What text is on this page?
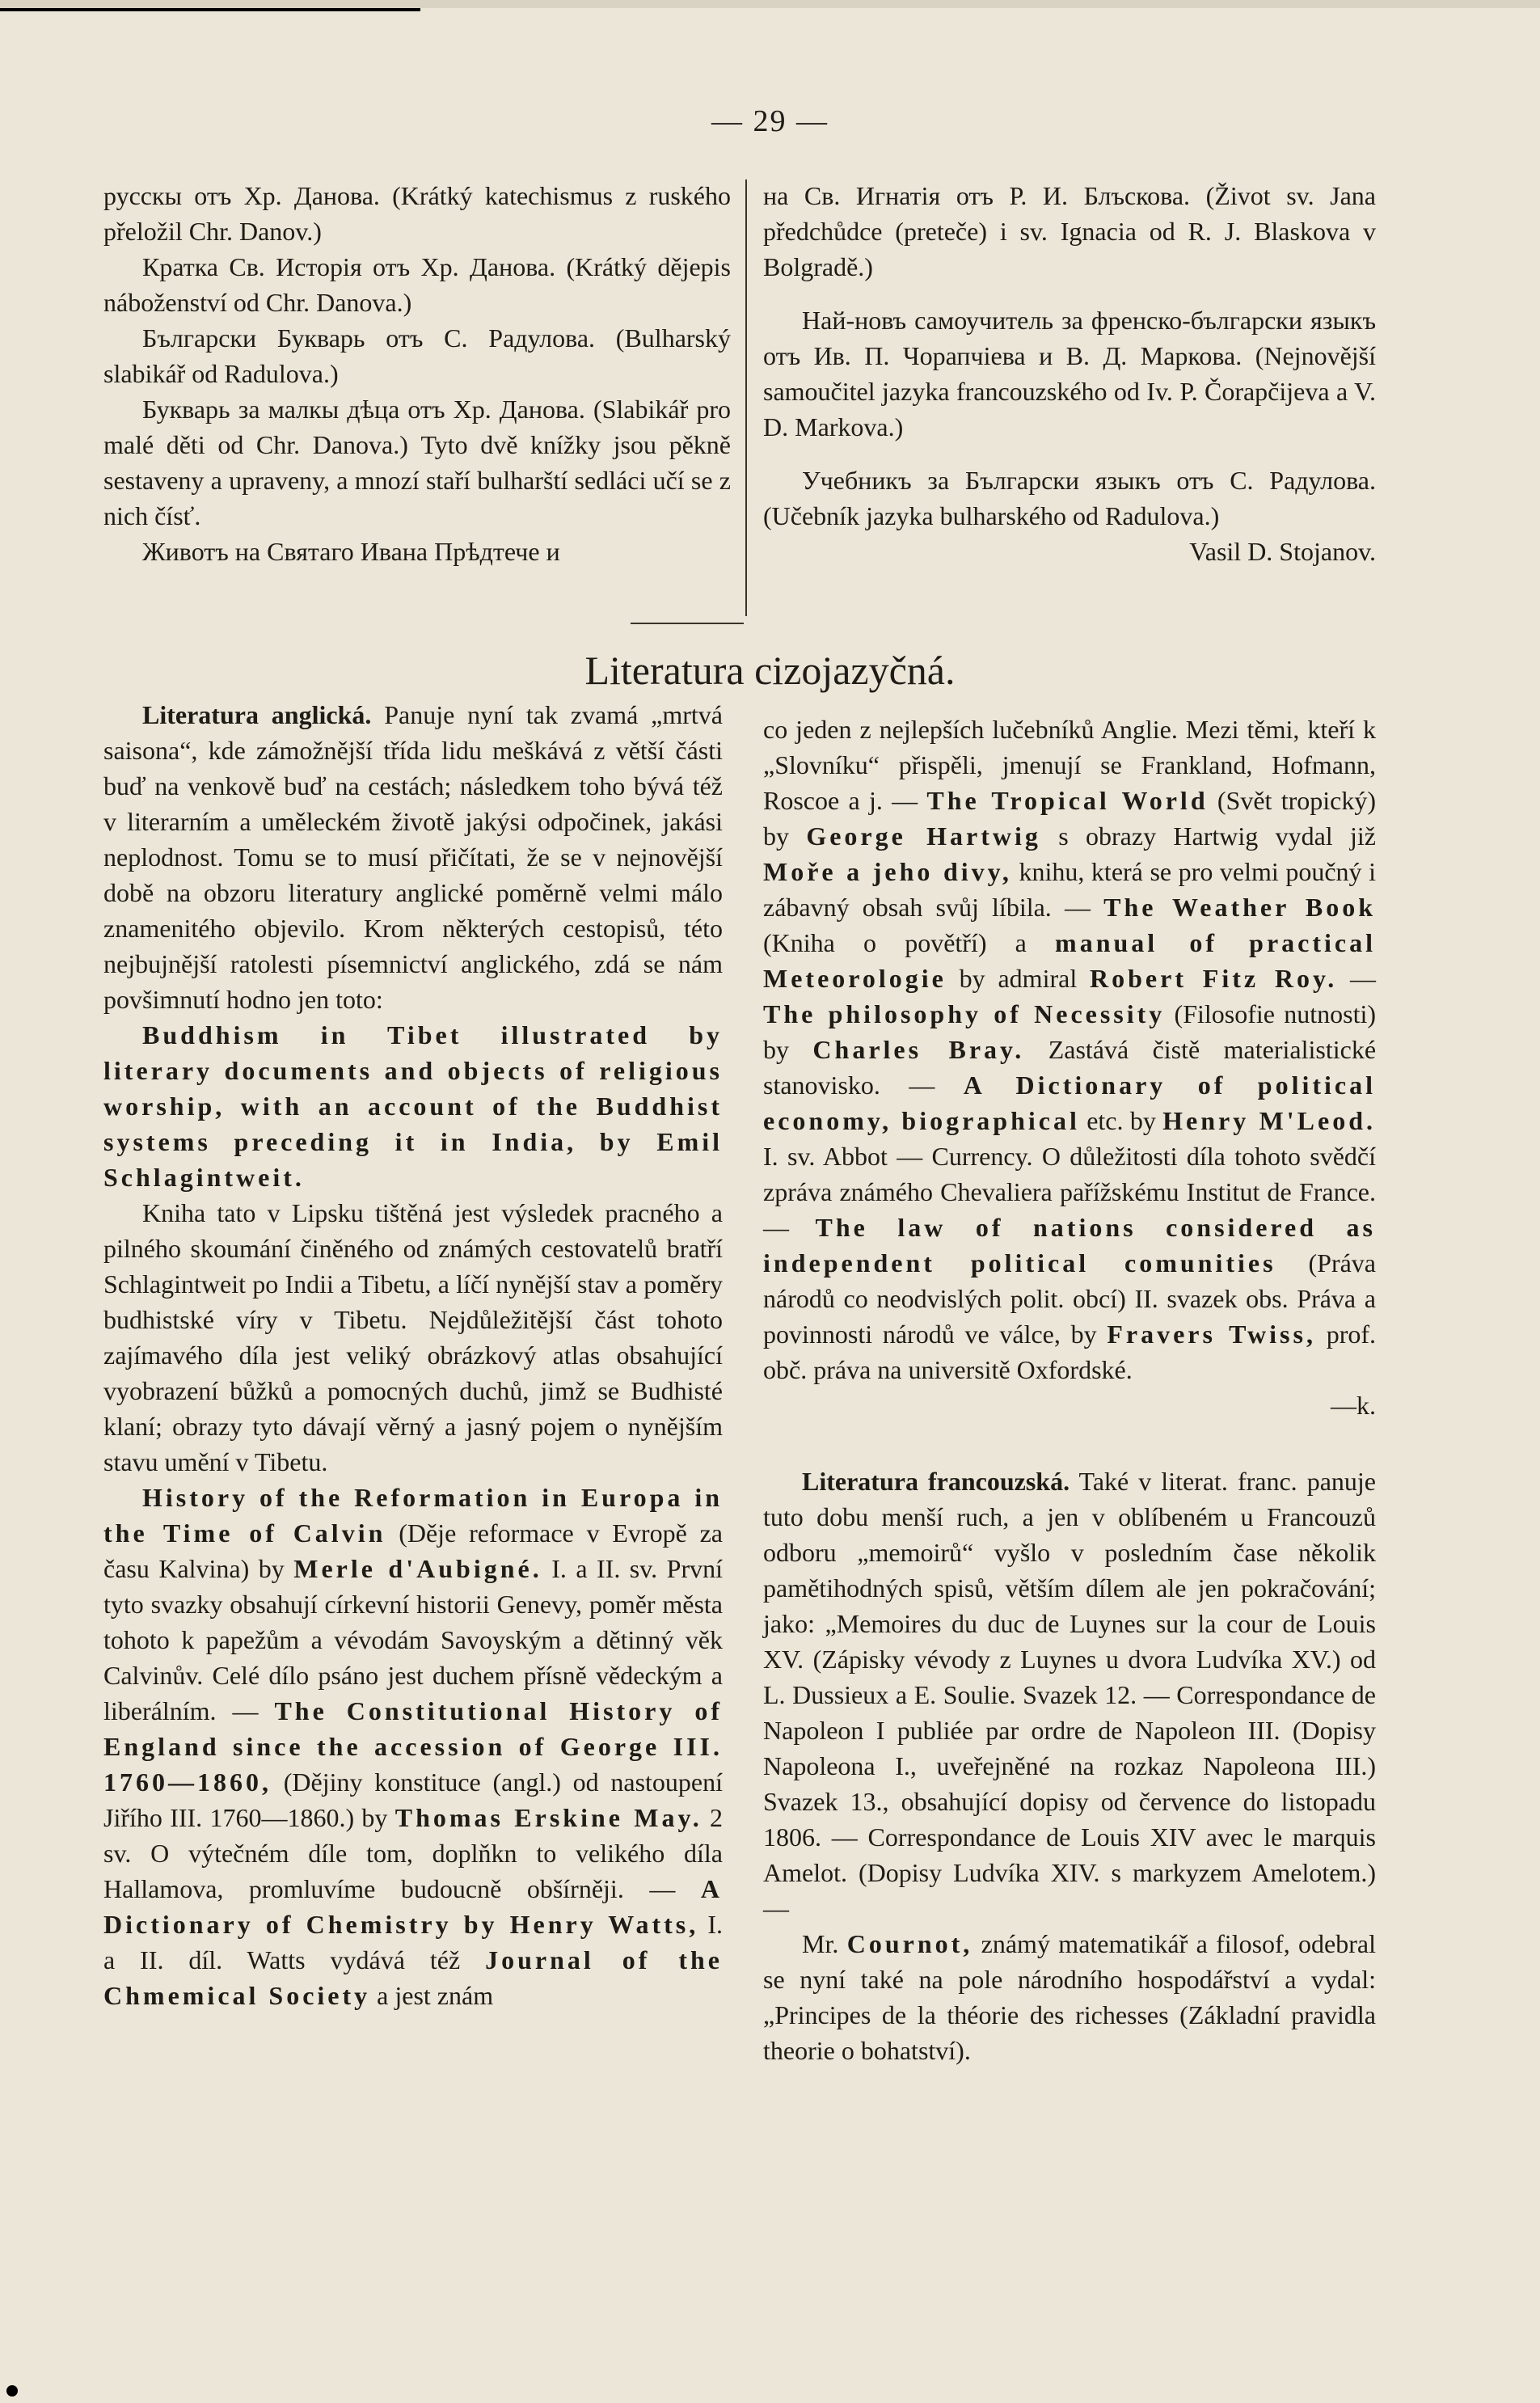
— 29 —

русскы отъ Хр. Данова. (Krátký katechismus z ruského přeložil Chr. Danov.)

Кратка Св. Исторія отъ Хр. Данова. (Krátký dějepis náboženství od Chr. Danova.)

Български Букварь отъ С. Радулова. (Bulharský slabikář od Radulova.)

Букварь за малкы дѣца отъ Хр. Данова. (Slabikář pro malé děti od Chr. Danova.) Tyto dvě knížky jsou pěkně sestaveny a upraveny, a mnozí staří bulharští sedláci učí se z nich čísť.

Животъ на Святаго Ивана Прѣдтече и

на Св. Игнатія отъ Р. И. Блъскова. (Život sv. Jana předchůdce (preteče) i sv. Ignacia od R. J. Blaskova v Bolgradě.)

Най-новъ самоучитель за френско-български языкъ отъ Ив. П. Чорапчіева и В. Д. Маркова. (Nejnovější samoučitel jazyka francouzského od Iv. P. Čorapčijeva a V. D. Markova.)

Учебникъ за Български языкъ отъ С. Радулова. (Učebník jazyka bulharského od Radulova.)

Vasil D. Stojanov.

Literatura cizojazyčná.

Literatura anglická. Panuje nyní tak zvamá „mrtvá saisona“, kde zámožnější třída lidu meškává z větší části buď na venkově buď na cestách; následkem toho bývá též v literarním a uměleckém životě jakýsi odpočinek, jakási neplodnost. Tomu se to musí přičítati, že se v nejnovější době na obzoru literatury anglické poměrně velmi málo znamenitého objevilo. Krom některých cestopisů, této nejbujnější ratolesti písemnictví anglického, zdá se nám povšimnutí hodno jen toto:

Buddhism in Tibet illustrated by literary documents and objects of religious worship, with an account of the Buddhist systems preceding it in India, by Emil Schlagintweit.

Kniha tato v Lipsku tištěná jest výsledek pracného a pilného skoumání činěného od známých cestovatelů bratří Schlagintweit po Indii a Tibetu, a líčí nynější stav a poměry budhistské víry v Tibetu. Nejdůležitější část tohoto zajímavého díla jest veliký obrázkový atlas obsahující vyobrazení bůžků a pomocných duchů, jimž se Budhisté klaní; obrazy tyto dávají věrný a jasný pojem o nynějším stavu umění v Tibetu.

History of the Reformation in Europa in the Time of Calvin (Děje reformace v Evropě za času Kalvina) by Merle d'Aubigné. I. a II. sv. První tyto svazky obsahují církevní historii Genevy, poměr města tohoto k papežům a vévodám Savoyským a dětinný věk Calvinův. Celé dílo psáno jest duchem přísně vědeckým a liberálním. — The Constitutional History of England since the accession of George III. 1760—1860, (Dějiny konstituce (angl.) od nastoupení Jiřího III. 1760—1860.) by Thomas Erskine May. 2 sv. O výtečném díle tom, doplňkn to velikého díla Hallamova, promluvíme budoucně obšírněji. — A Dictionary of Chemistry by Henry Watts, I. a II. díl. Watts vydává též Journal of the Chmemical Society a jest znám

co jeden z nejlepších lučebníků Anglie. Mezi těmi, kteří k „Slovníku“ přispěli, jmenují se Frankland, Hofmann, Roscoe a j. — The Tropical World (Svět tropický) by George Hartwig s obrazy Hartwig vydal již Moře a jeho divy, knihu, která se pro velmi poučný i zábavný obsah svůj líbila. — The Weather Book (Kniha o povětří) a manual of practical Meteorologie by admiral Robert Fitz Roy. — The philosophy of Necessity (Filosofie nutnosti) by Charles Bray. Zastává čistě materialistické stanovisko. — A Dictionary of political economy, biographical etc. by Henry M'Leod. I. sv. Abbot — Currency. O důležitosti díla tohoto svědčí zpráva známého Chevaliera pařížskému Institut de France. — The law of nations considered as independent political comunities (Práva národů co neodvislých polit. obcí) II. svazek obs. Práva a povinnosti národů ve válce, by Fravers Twiss, prof. obč. práva na universitě Oxfordské.

—k.

Literatura francouzská. Také v literat. franc. panuje tuto dobu menší ruch, a jen v oblíbeném u Francouzů odboru „memoirů“ vyšlo v posledním čase několik pamětihodných spisů, větším dílem ale jen pokračování; jako: „Memoires du duc de Luynes sur la cour de Louis XV. (Zápisky vévody z Luynes u dvora Ludvíka XV.) od L. Dussieux a E. Soulie. Svazek 12. — Correspondance de Napoleon I publiée par ordre de Napoleon III. (Dopisy Napoleona I., uveřejněné na rozkaz Napoleona III.) Svazek 13., obsahující dopisy od července do listopadu 1806. — Correspondance de Louis XIV avec le marquis Amelot. (Dopisy Ludvíka XIV. s markyzem Amelotem.) —

Mr. Cournot, známý matematikář a filosof, odebral se nyní také na pole národního hospodářství a vydal: „Principes de la théorie des richesses (Základní pravidla theorie o bohatství).
